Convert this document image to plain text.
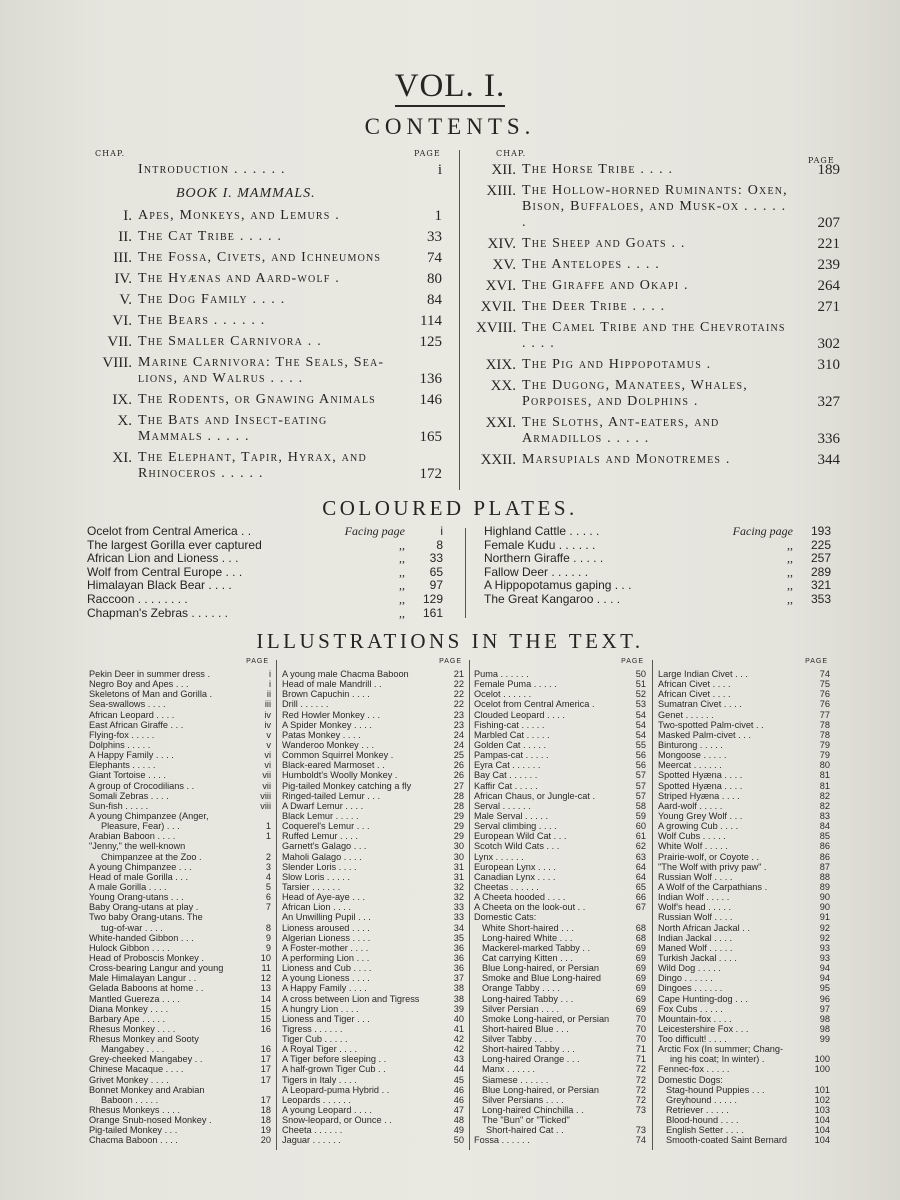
VOL. I.
CONTENTS.
CHAP.	PAGE	CHAP.
PAGE
Introduction . . . . . .	i
BOOK I. MAMMALS.
I. Apes, Monkeys, and Lemurs .	1
II. The Cat Tribe . . . . .	33
III. The Fossa, Civets, and Ichneumons	74
IV. The Hyænas and Aard-wolf .	80
V. The Dog Family . . . .	84
VI. The Bears . . . . . .	114
VII. The Smaller Carnivora . .	125
VIII. Marine Carnivora: The Seals, Sea-lions, and Walrus . . . .	136
IX. The Rodents, or Gnawing Animals	146
X. The Bats and Insect-eating Mammals . . . . .	165
XI. The Elephant, Tapir, Hyrax, and Rhinoceros . . . . .	172
XII. The Horse Tribe . . . .	189
XIII. The Hollow-horned Ruminants: Oxen, Bison, Buffaloes, and Musk-ox . . . . . .	207
XIV. The Sheep and Goats . .	221
XV. The Antelopes . . . .	239
XVI. The Giraffe and Okapi .	264
XVII. The Deer Tribe . . . .	271
XVIII. The Camel Tribe and the Chevrotains . . . .	302
XIX. The Pig and Hippopotamus .	310
XX. The Dugong, Manatees, Whales, Porpoises, and Dolphins .	327
XXI. The Sloths, Ant-eaters, and Armadillos . . . . .	336
XXII. Marsupials and Monotremes .	344
COLOURED PLATES.
Ocelot from Central America . .	Facing page	i
The largest Gorilla ever captured	,,	8
African Lion and Lioness . . .	,,	33
Wolf from Central Europe . . .	,,	65
Himalayan Black Bear . . . .	,,	97
Raccoon . . . . . . . .	,,	129
Chapman's Zebras . . . . . .	,,	161
Highland Cattle . . . . .	Facing page	193
Female Kudu . . . . . .	,,	225
Northern Giraffe . . . . .	,,	257
Fallow Deer . . . . . .	,,	289
A Hippopotamus gaping . . .	,,	321
The Great Kangaroo . . . .	,,	353
ILLUSTRATIONS IN THE TEXT.
PAGE
Pekin Deer in summer dress .	i
Negro Boy and Apes . . .	i
Skeletons of Man and Gorilla .	ii
Sea-swallows . . . .	iii
African Leopard . . . .	iv
East African Giraffe . . .	iv
Flying-fox . . . . .	v
Dolphins . . . . .	v
A Happy Family . . . .	vi
Elephants . . . . .	vi
Giant Tortoise . . . .	vii
A group of Crocodilians . .	vii
Somali Zebras . . . .	viii
Sun-fish . . . . .	viii
A young Chimpanzee (Anger,
Pleasure, Fear) . . .	1
Arabian Baboon . . . .	1
"Jenny," the well-known
Chimpanzee at the Zoo .	2
A young Chimpanzee . . .	3
Head of male Gorilla . . .	4
A male Gorilla . . . .	5
Young Orang-utans . . .	6
Baby Orang-utans at play .	7
Two baby Orang-utans. The
tug-of-war . . . .	8
White-handed Gibbon . . .	9
Hulock Gibbon . . . .	9
Head of Proboscis Monkey .	10
Cross-bearing Langur and young	11
Male Himalayan Langur . .	12
Gelada Baboons at home . .	13
Mantled Guereza . . . .	14
Diana Monkey . . . .	15
Barbary Ape . . . . .	15
Rhesus Monkey . . . .	16
Rhesus Monkey and Sooty
Mangabey . . . .	16
Grey-cheeked Mangabey . .	17
Chinese Macaque . . . .	17
Grivet Monkey . . . .	17
Bonnet Monkey and Arabian
Baboon . . . . .	17
Rhesus Monkeys . . . .	18
Orange Snub-nosed Monkey .	18
Pig-tailed Monkey . . .	19
Chacma Baboon . . . .	20
PAGE
A young male Chacma Baboon	21
Head of male Mandrill . .	22
Brown Capuchin . . . .	22
Drill . . . . . .	22
Red Howler Monkey . . .	23
A Spider Monkey . . . .	23
Patas Monkey . . . .	24
Wanderoo Monkey . . .	24
Common Squirrel Monkey .	25
Black-eared Marmoset . .	26
Humboldt's Woolly Monkey .	26
Pig-tailed Monkey catching a fly	27
Ringed-tailed Lemur . . .	28
A Dwarf Lemur . . . .	28
Black Lemur . . . . .	29
Coquerel's Lemur . . .	29
Ruffed Lemur . . . .	29
Garnett's Galago . . .	30
Maholi Galago . . . .	30
Slender Loris . . . .	31
Slow Loris . . . . .	31
Tarsier . . . . . .	32
Head of Aye-aye . . .	32
African Lion . . . .	33
An Unwilling Pupil . . .	33
Lioness aroused . . . .	34
Algerian Lioness . . . .	35
A Foster-mother . . . .	36
A performing Lion . . .	36
Lioness and Cub . . . .	36
A young Lioness . . . .	37
A Happy Family . . . .	38
A cross between Lion and Tigress	38
A hungry Lion . . . .	39
Lioness and Tiger . . .	40
Tigress . . . . . .	41
Tiger Cub . . . . .	42
A Royal Tiger . . . .	42
A Tiger before sleeping . .	43
A half-grown Tiger Cub . .	44
Tigers in Italy . . . .	45
A Leopard-puma Hybrid . .	46
Leopards . . . . . .	46
A young Leopard . . . .	47
Snow-leopard, or Ounce . .	48
Cheeta . . . . . .	49
Jaguar . . . . . .	50
PAGE
Puma . . . . . .	50
Female Puma . . . . .	51
Ocelot . . . . . .	52
Ocelot from Central America .	53
Clouded Leopard . . . .	54
Fishing-cat . . . . .	54
Marbled Cat . . . . .	54
Golden Cat . . . . .	55
Pampas-cat . . . . .	56
Eyra Cat . . . . . .	56
Bay Cat . . . . . .	57
Kaffir Cat . . . . .	57
African Chaus, or Jungle-cat .	57
Serval . . . . . .	58
Male Serval . . . . .	59
Serval climbing . . . .	60
European Wild Cat . . .	61
Scotch Wild Cats . . .	62
Lynx . . . . . .	63
European Lynx . . . .	64
Canadian Lynx . . . .	64
Cheetas . . . . . .	65
A Cheeta hooded . . . .	66
A Cheeta on the look-out . .	67
Domestic Cats:
White Short-haired . . .	68
Long-haired White . . .	68
Mackerel-marked Tabby . .	69
Cat carrying Kitten . . .	69
Blue Long-haired, or Persian	69
Smoke and Blue Long-haired	69
Orange Tabby . . . .	69
Long-haired Tabby . . .	69
Silver Persian . . . .	69
Smoke Long-haired, or Persian	70
Short-haired Blue . . .	70
Silver Tabby . . . .	70
Short-haired Tabby . . .	71
Long-haired Orange . . .	71
Manx . . . . . .	72
Siamese . . . . . .	72
Blue Long-haired, or Persian	72
Silver Persians . . . .	72
Long-haired Chinchilla . .	73
The "Bun" or "Ticked"
Short-haired Cat . .	73
Fossa . . . . . .	74
PAGE
Large Indian Civet . . .	74
African Civet . . . .	75
African Civet . . . .	76
Sumatran Civet . . . .	76
Genet . . . . . .	77
Two-spotted Palm-civet . .	78
Masked Palm-civet . . .	78
Binturong . . . . .	79
Mongoose . . . . .	79
Meercat . . . . . .	80
Spotted Hyæna . . . .	81
Spotted Hyæna . . . .	81
Striped Hyæna . . . .	82
Aard-wolf . . . . .	82
Young Grey Wolf . . .	83
A growing Cub . . . .	84
Wolf Cubs . . . . .	85
White Wolf . . . . .	86
Prairie-wolf, or Coyote . .	86
"The Wolf with privy paw" .	87
Russian Wolf . . . .	88
A Wolf of the Carpathians .	89
Indian Wolf . . . . .	90
Wolf's head . . . . .	90
Russian Wolf . . . .	91
North African Jackal . .	92
Indian Jackal . . . .	92
Maned Wolf . . . . .	93
Turkish Jackal . . . .	93
Wild Dog . . . . .	94
Dingo . . . . . .	94
Dingoes . . . . . .	95
Cape Hunting-dog . . .	96
Fox Cubs . . . . .	97
Mountain-fox . . . .	98
Leicestershire Fox . . .	98
Too difficult! . . . .	99
Arctic Fox (In summer; Chang-
ing his coat; In winter) .	100
Fennec-fox . . . . .	100
Domestic Dogs:
Stag-hound Puppies . . .	101
Greyhound . . . . .	102
Retriever . . . . .	103
Blood-hound . . . .	104
English Setter . . . .	104
Smooth-coated Saint Bernard	104
